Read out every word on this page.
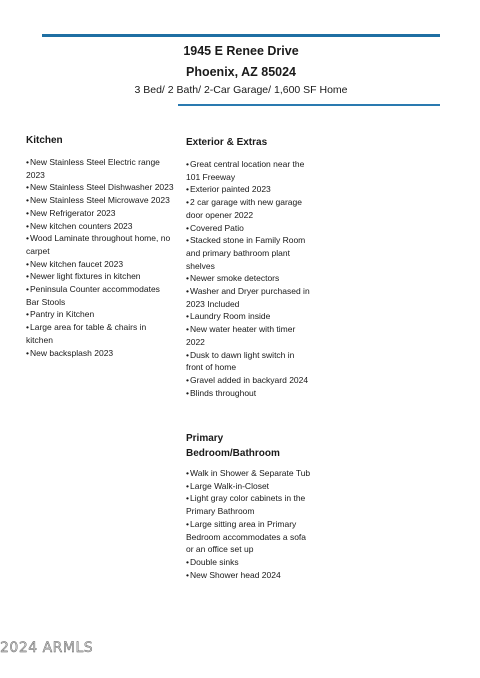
1945 E Renee Drive
Phoenix, AZ 85024
3 Bed/ 2 Bath/ 2-Car Garage/ 1,600 SF Home
Kitchen
•New Stainless Steel Electric range 2023
•New Stainless Steel Dishwasher 2023
•New Stainless Steel Microwave 2023
•New Refrigerator 2023
•New kitchen counters 2023
•Wood Laminate throughout home, no carpet
•New kitchen faucet 2023
•Newer light fixtures in kitchen
•Peninsula Counter accommodates Bar Stools
•Pantry in Kitchen
•Large area for table & chairs in kitchen
•New backsplash 2023
Exterior & Extras
•Great central location near the 101 Freeway
•Exterior painted 2023
•2 car garage with new garage door opener 2022
•Covered Patio
•Stacked stone in Family Room and primary bathroom plant shelves
•Newer smoke detectors
•Washer and Dryer purchased in 2023 Included
•Laundry Room inside
•New water heater with timer 2022
•Dusk to dawn light switch in front of home
•Gravel added in backyard 2024
•Blinds throughout
Primary Bedroom/Bathroom
•Walk in Shower & Separate Tub
•Large Walk-in-Closet
•Light gray color cabinets in the Primary Bathroom
•Large sitting area in Primary Bedroom accommodates a sofa or an office set up
•Double sinks
•New Shower head 2024
2024 ARMLS
